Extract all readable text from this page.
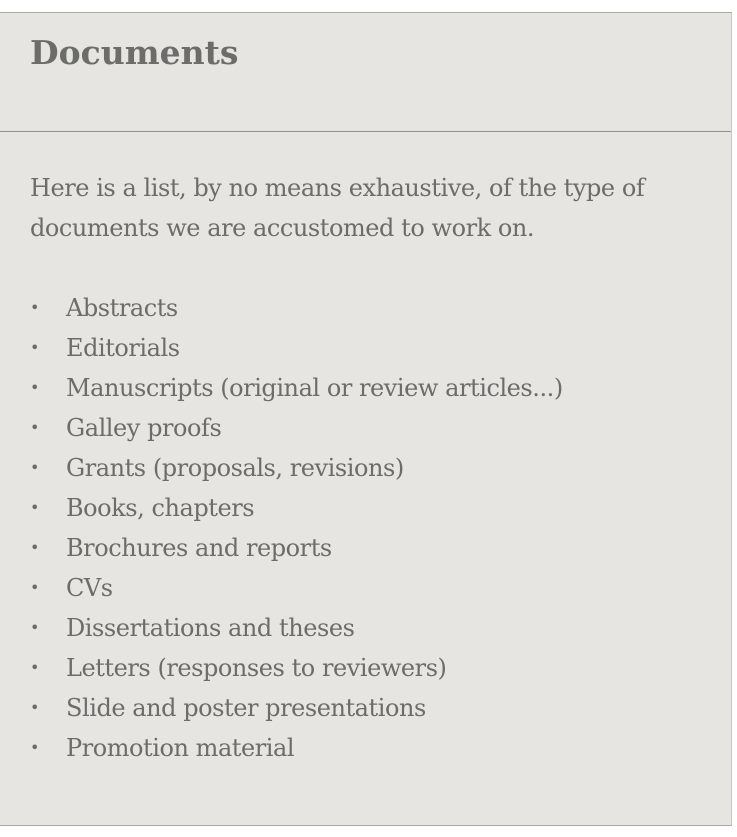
Documents

Here is a list, by no means exhaustive, of the type of documents we are accustomed to work on.

• Abstracts
• Editorials
• Manuscripts (original or review articles...)
• Galley proofs
• Grants (proposals, revisions)
• Books, chapters
• Brochures and reports
• CVs
• Dissertations and theses
• Letters (responses to reviewers)
• Slide and poster presentations
• Promotion material
